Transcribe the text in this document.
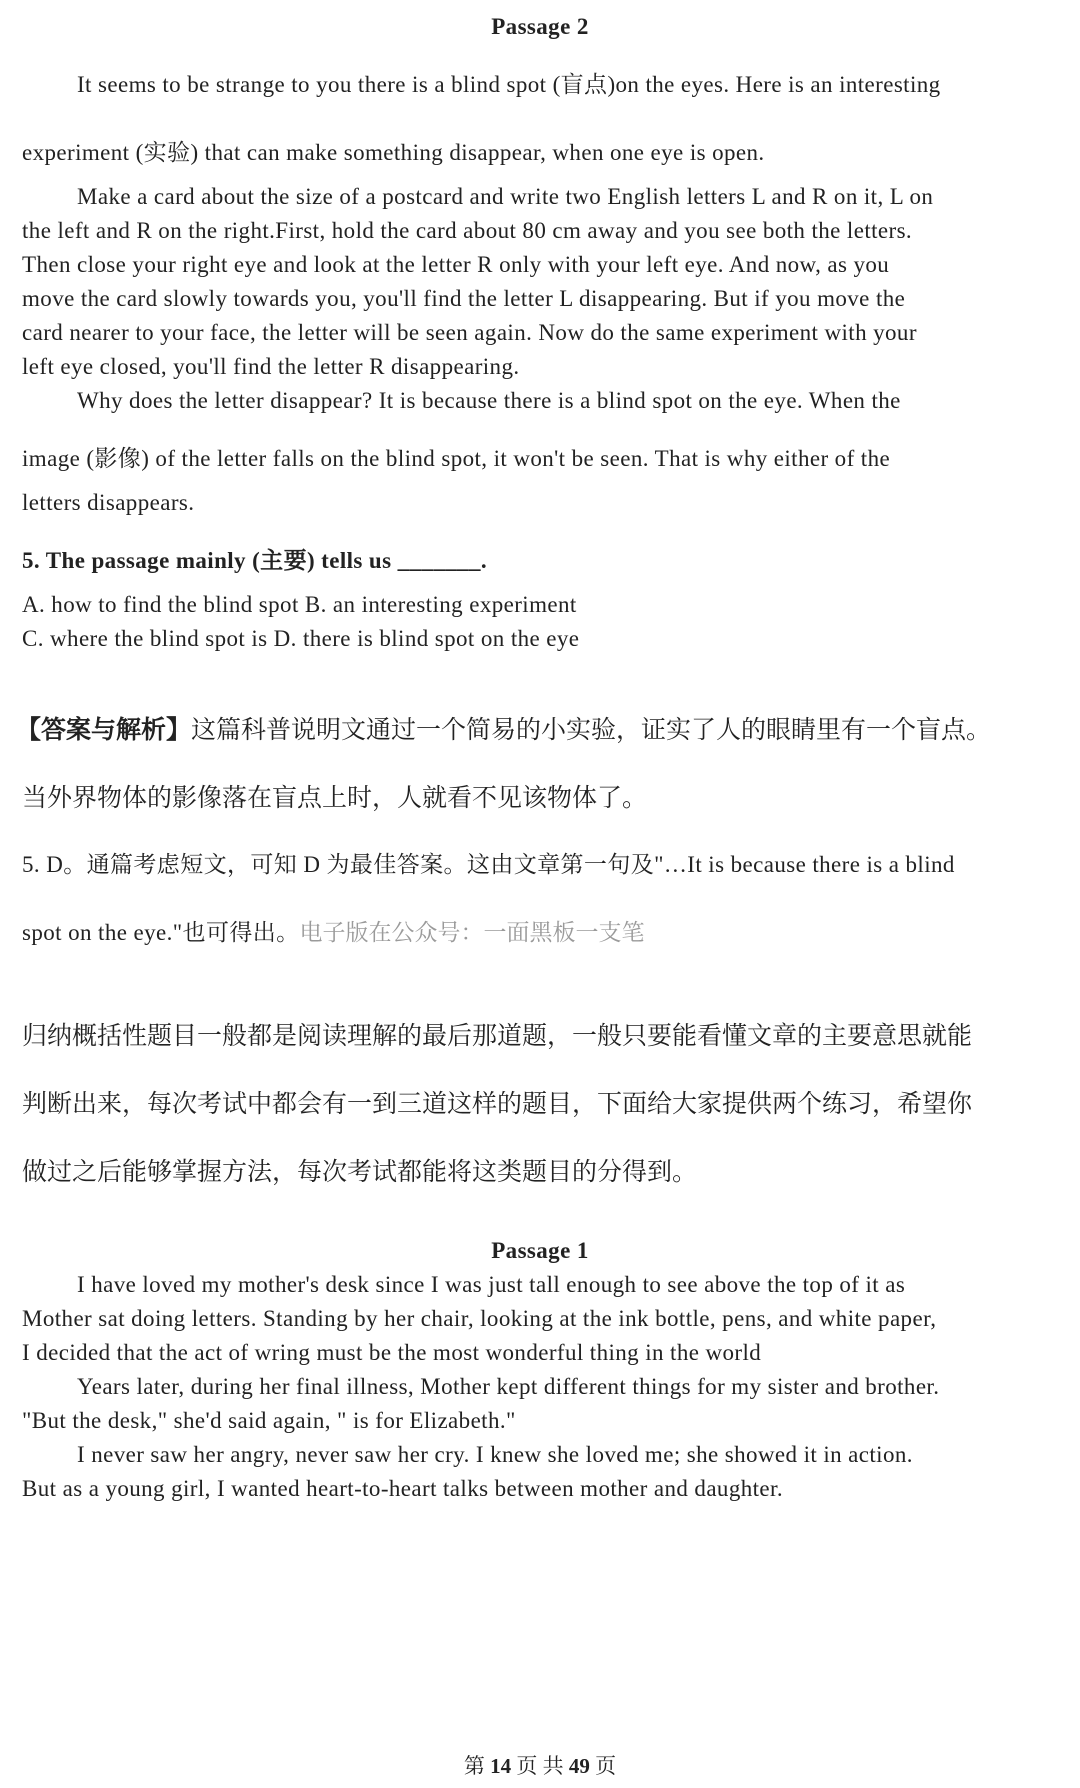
Passage 2
It seems to be strange to you there is a blind spot (盲点)on the eyes. Here is an interesting
experiment (实验) that can make something disappear, when one eye is open.
Make a card about the size of a postcard and write two English letters L and R on it, L on
the left and R on the right.First, hold the card about 80 cm away and you see both the letters.
Then close your right eye and look at the letter R only with your left eye. And now, as you
move the card slowly towards you, you'll find the letter L disappearing. But if you move the
card nearer to your face, the letter will be seen again. Now do the same experiment with your
left eye closed, you'll find the letter R disappearing.
Why does the letter disappear? It is because there is a blind spot on the eye. When the
image (影像) of the letter falls on the blind spot, it won't be seen. That is why either of the
letters disappears.
5. The passage mainly (主要) tells us _______.
A. how to find the blind spot B. an interesting experiment
C. where the blind spot is D. there is blind spot on the eye
【答案与解析】这篇科普说明文通过一个简易的小实验，证实了人的眼睛里有一个盲点。
当外界物体的影像落在盲点上时，人就看不见该物体了。
5. D。通篇考虑短文，可知 D 为最佳答案。这由文章第一句及"…It is because there is a blind
spot on the eye."也可得出。电子版在公众号：一面黑板一支笔
归纳概括性题目一般都是阅读理解的最后那道题，一般只要能看懂文章的主要意思就能
判断出来，每次考试中都会有一到三道这样的题目，下面给大家提供两个练习，希望你
做过之后能够掌握方法，每次考试都能将这类题目的分得到。
Passage 1
I have loved my mother's desk since I was just tall enough to see above the top of it as
Mother sat doing letters. Standing by her chair, looking at the ink bottle, pens, and white paper,
I decided that the act of wring must be the most wonderful thing in the world
Years later, during her final illness, Mother kept different things for my sister and brother.
"But the desk," she'd said again, " is for Elizabeth."
I never saw her angry, never saw her cry. I knew she loved me; she showed it in action.
But as a young girl, I wanted heart-to-heart talks between mother and daughter.
第 14 页 共 49 页
